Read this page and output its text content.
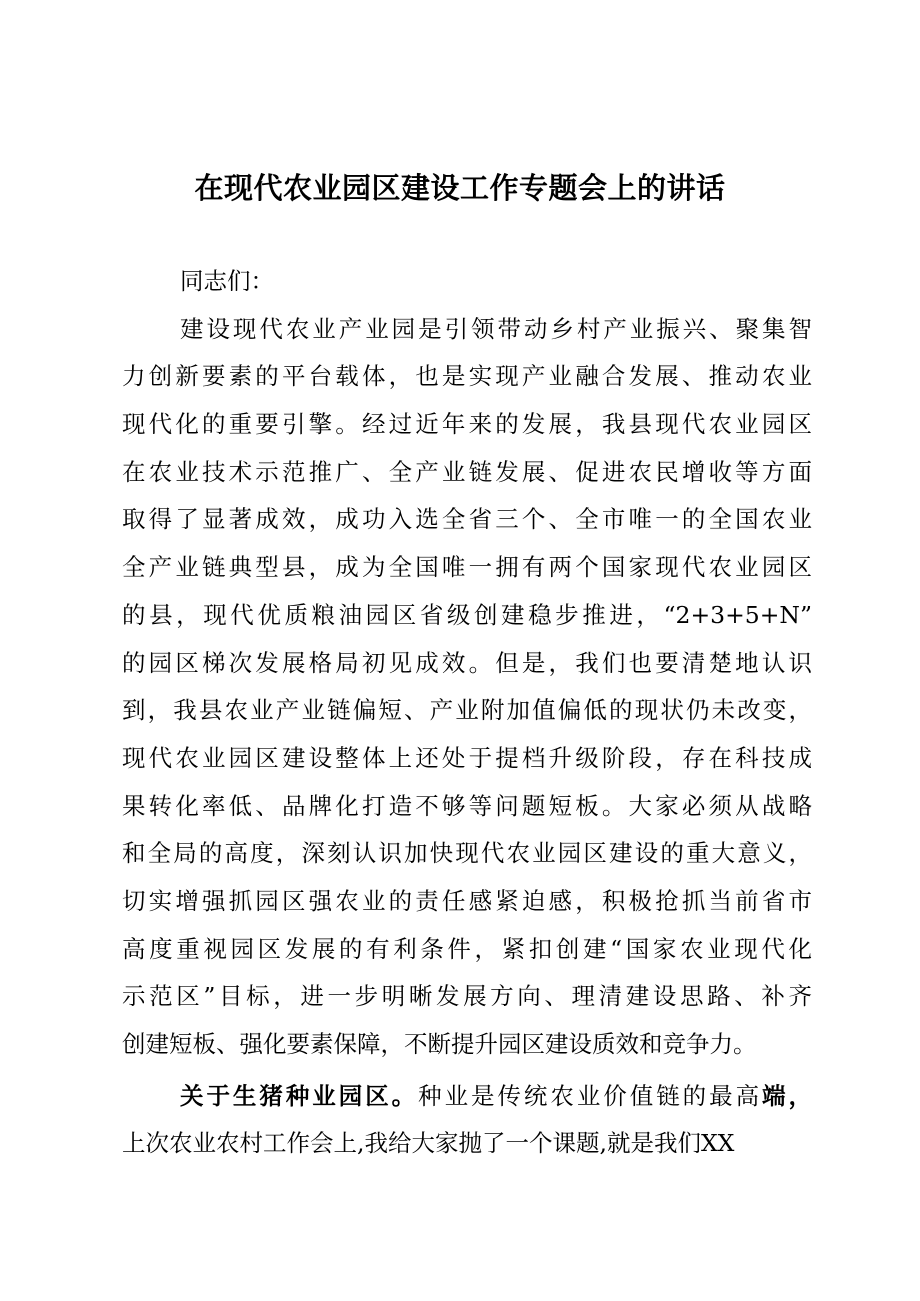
在现代农业园区建设工作专题会上的讲话
同志们：
建设现代农业产业园是引领带动乡村产业振兴、聚集智
力创新要素的平台载体，也是实现产业融合发展、推动农业
现代化的重要引擎。经过近年来的发展，我县现代农业园区
在农业技术示范推广、全产业链发展、促进农民增收等方面
取得了显著成效，成功入选全省三个、全市唯一的全国农业
全产业链典型县，成为全国唯一拥有两个国家现代农业园区
的县，现代优质粮油园区省级创建稳步推进，“2+3+5+N”
的园区梯次发展格局初见成效。但是，我们也要清楚地认识
到，我县农业产业链偏短、产业附加值偏低的现状仍未改变，
现代农业园区建设整体上还处于提档升级阶段，存在科技成
果转化率低、品牌化打造不够等问题短板。大家必须从战略
和全局的高度，深刻认识加快现代农业园区建设的重大意义，
切实增强抓园区强农业的责任感紧迫感，积极抢抓当前省市
高度重视园区发展的有利条件，紧扣创建“国家农业现代化
示范区”目标，进一步明晰发展方向、理清建设思路、补齐
创建短板、强化要素保障，不断提升园区建设质效和竞争力。
关于生猪种业园区。种业是传统农业价值链的最高端，
上次农业农村工作会上,我给大家抛了一个课题,就是我们XX
